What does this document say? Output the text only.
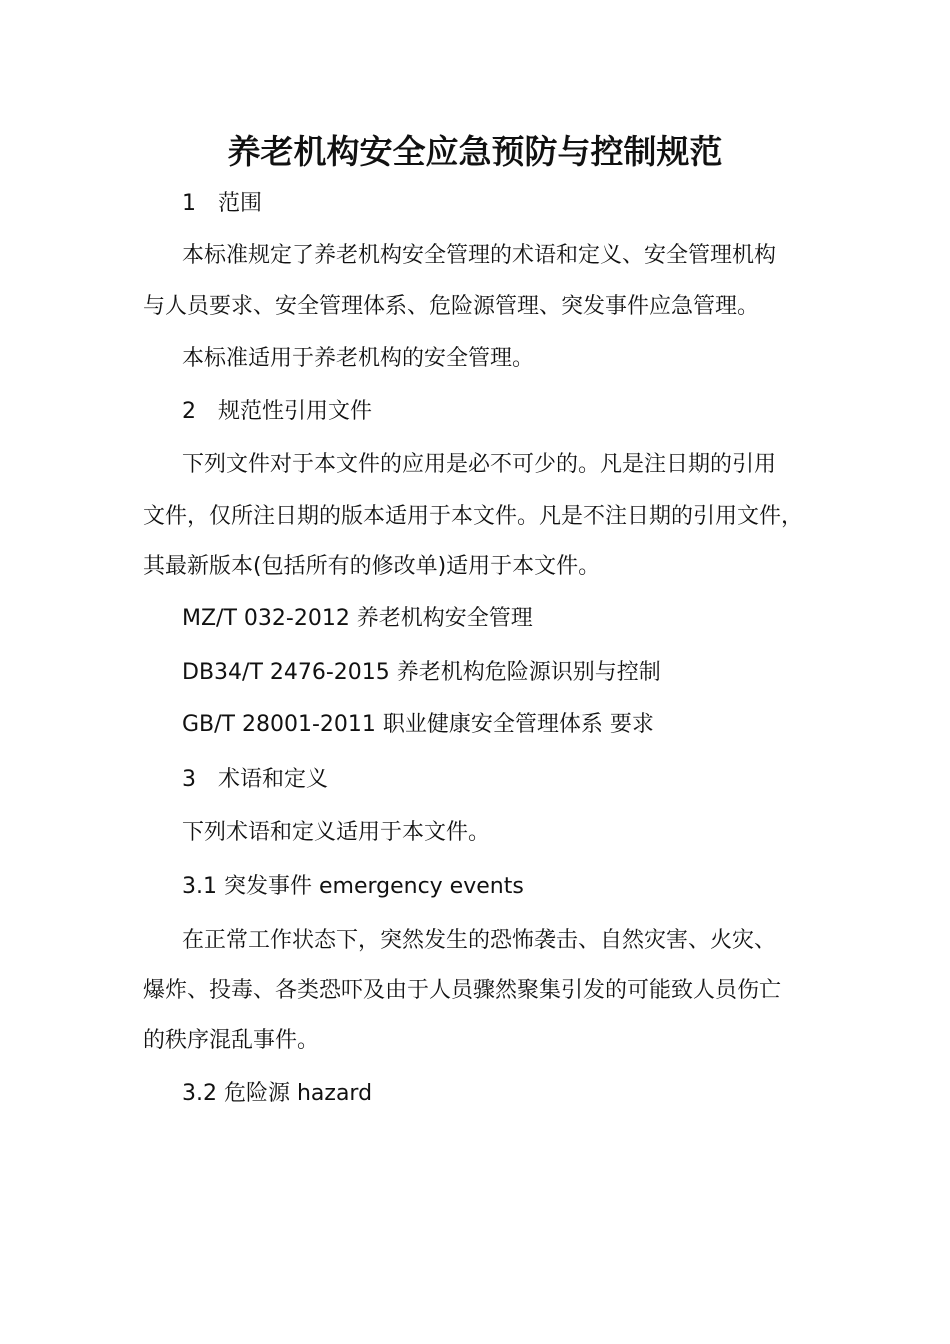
养老机构安全应急预防与控制规范

1　范围

本标准规定了养老机构安全管理的术语和定义、安全管理机构

与人员要求、安全管理体系、危险源管理、突发事件应急管理。

本标准适用于养老机构的安全管理。

2　规范性引用文件

下列文件对于本文件的应用是必不可少的。凡是注日期的引用

文件，仅所注日期的版本适用于本文件。凡是不注日期的引用文件，

其最新版本(包括所有的修改单)适用于本文件。

MZ/T 032-2012 养老机构安全管理

DB34/T 2476-2015 养老机构危险源识别与控制

GB/T 28001-2011 职业健康安全管理体系 要求

3　术语和定义

下列术语和定义适用于本文件。

3.1 突发事件 emergency events

在正常工作状态下，突然发生的恐怖袭击、自然灾害、火灾、

爆炸、投毒、各类恐吓及由于人员骤然聚集引发的可能致人员伤亡

的秩序混乱事件。

3.2 危险源 hazard
